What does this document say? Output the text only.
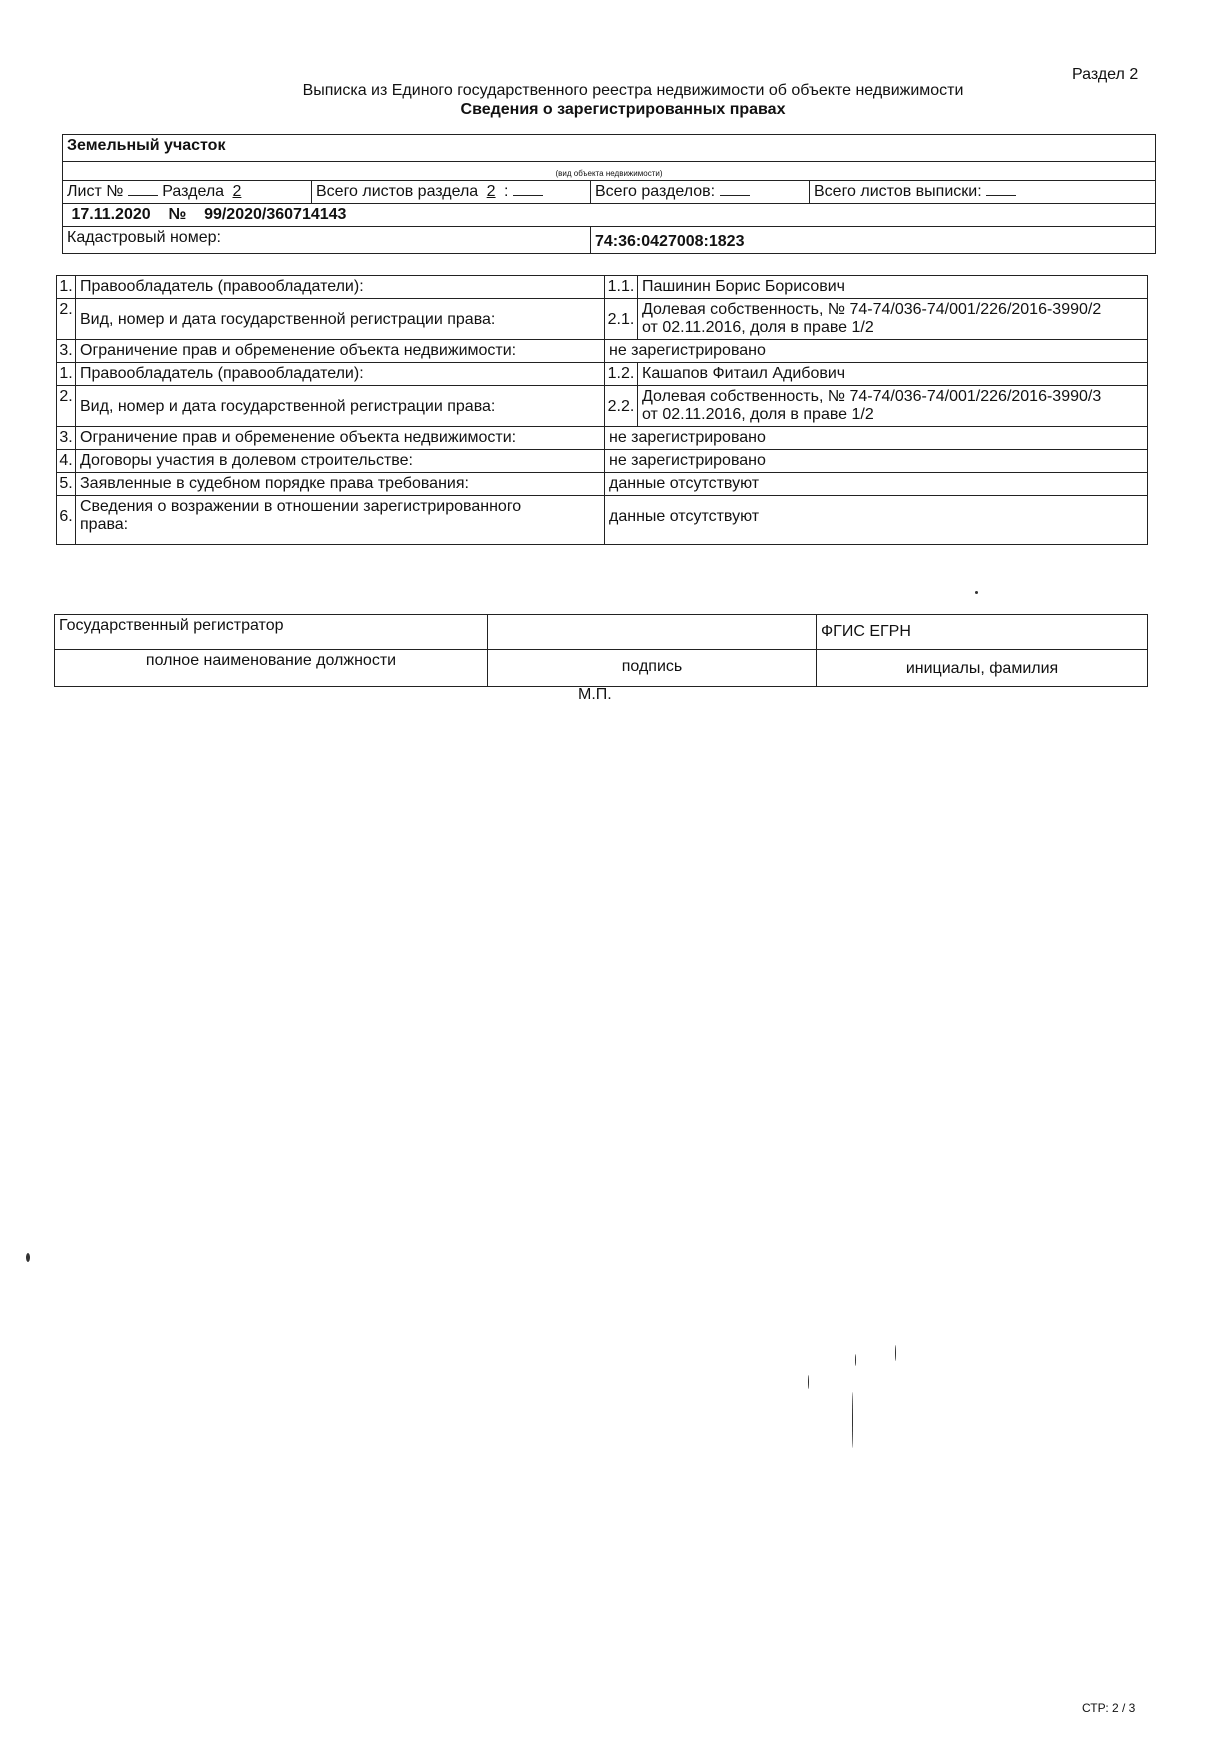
Раздел 2
Выписка из Единого государственного реестра недвижимости об объекте недвижимости
Сведения о зарегистрированных правах
Земельный участок			
(вид объекта недвижимости)			
Лист № Раздела 2	Всего листов раздела 2 :	Всего разделов:	Всего листов выписки:
17.11.2020 № 99/2020/360714143			
Кадастровый номер:		74:36:0427008:1823	
1.	Правообладатель (правообладатели):	1.1.	Пашинин Борис Борисович
2.	Вид, номер и дата государственной регистрации права:	2.1.	Долевая собственность, № 74-74/036-74/001/226/2016-3990/2
от 02.11.2016, доля в праве 1/2

3.	Ограничение прав и обременение объекта недвижимости:	не зарегистрировано	
1.	Правообладатель (правообладатели):	1.2.	Кашапов Фитаил Адибович
2.	Вид, номер и дата государственной регистрации права:	2.2.	Долевая собственность, № 74-74/036-74/001/226/2016-3990/3
от 02.11.2016, доля в праве 1/2

3.	Ограничение прав и обременение объекта недвижимости:	не зарегистрировано	
4.	Договоры участия в долевом строительстве:	не зарегистрировано	
5.	Заявленные в судебном порядке права требования:	данные отсутствуют	
6.	Сведения о возражении в отношении зарегистрированного
права:	данные отсутствуют	
Государственный регистратор		ФГИС ЕГРН
полное наименование должности	подпись	инициалы, фамилия
М.П.
СТР: 2 / 3
